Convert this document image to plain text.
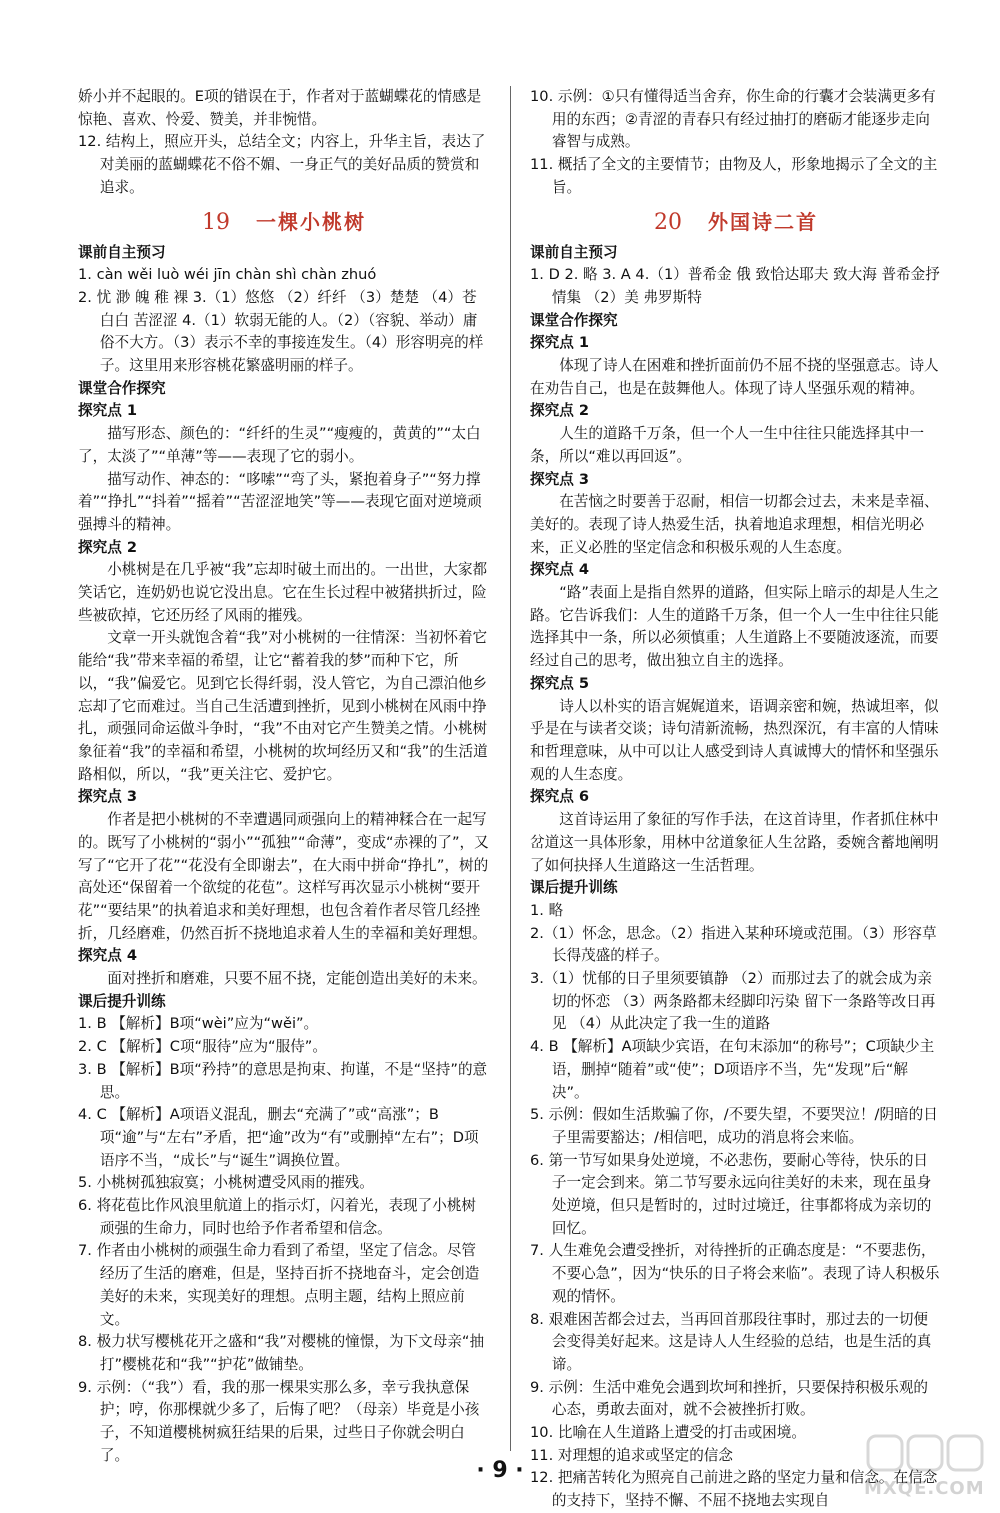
娇小并不起眼的。E项的错误在于，作者对于蓝蝴蝶花的情感是惊艳、喜欢、怜爱、赞美，并非惋惜。

12. 结构上，照应开头，总结全文；内容上，升华主旨，表达了对美丽的蓝蝴蝶花不俗不媚、一身正气的美好品质的赞赏和追求。

19 一棵小桃树

课前自主预习

1. càn wěi luò wéi jīn chàn shì chàn zhuó

2. 忧 渺 魄 稚 裸 3.（1）悠悠 （2）纤纤 （3）楚楚 （4）苍白白 苦涩涩 4.（1）软弱无能的人。（2）（容貌、举动）庸俗不大方。（3）表示不幸的事接连发生。（4）形容明亮的样子。这里用来形容桃花繁盛明丽的样子。

课堂合作探究

探究点 1

描写形态、颜色的：“纤纤的生灵”“瘦瘦的，黄黄的”“太白了，太淡了”“单薄”等——表现了它的弱小。

描写动作、神态的：“哆嗦”“弯了头，紧抱着身子”“努力撑着”“挣扎”“抖着”“摇着”“苦涩涩地笑”等——表现它面对逆境顽强搏斗的精神。

探究点 2

小桃树是在几乎被“我”忘却时破土而出的。一出世，大家都笑话它，连奶奶也说它没出息。它在生长过程中被猪拱折过，险些被砍掉，它还历经了风雨的摧残。

文章一开头就饱含着“我”对小桃树的一往情深：当初怀着它能给“我”带来幸福的希望，让它“蓄着我的梦”而种下它，所以，“我”偏爱它。见到它长得纤弱，没人管它，为自己漂泊他乡忘却了它而难过。当自己生活遭到挫折，见到小桃树在风雨中挣扎，顽强同命运做斗争时，“我”不由对它产生赞美之情。小桃树象征着“我”的幸福和希望，小桃树的坎坷经历又和“我”的生活道路相似，所以，“我”更关注它、爱护它。

探究点 3

作者是把小桃树的不幸遭遇同顽强向上的精神糅合在一起写的。既写了小桃树的“弱小”“孤独”“命薄”，变成“赤裸的了”，又写了“它开了花”“花没有全即谢去”，在大雨中拼命“挣扎”，树的高处还“保留着一个欲绽的花苞”。这样写再次显示小桃树“要开花”“要结果”的执着追求和美好理想，也包含着作者尽管几经挫折，几经磨难，仍然百折不挠地追求着人生的幸福和美好理想。

探究点 4

面对挫折和磨难，只要不屈不挠，定能创造出美好的未来。

课后提升训练

1. B 【解析】B项“wèi”应为“wěi”。

2. C 【解析】C项“服待”应为“服侍”。

3. B 【解析】B项“矜持”的意思是拘束、拘谨，不是“坚持”的意思。

4. C 【解析】A项语义混乱，删去“充满了”或“高涨”；B项“逾”与“左右”矛盾，把“逾”改为“有”或删掉“左右”；D项语序不当，“成长”与“诞生”调换位置。

5. 小桃树孤独寂寞；小桃树遭受风雨的摧残。

6. 将花苞比作风浪里航道上的指示灯，闪着光，表现了小桃树顽强的生命力，同时也给予作者希望和信念。

7. 作者由小桃树的顽强生命力看到了希望，坚定了信念。尽管经历了生活的磨难，但是，坚持百折不挠地奋斗，定会创造美好的未来，实现美好的理想。点明主题，结构上照应前文。

8. 极力状写樱桃花开之盛和“我”对樱桃的憧憬，为下文母亲“抽打”樱桃花和“我”“护花”做铺垫。

9. 示例：（“我”）看，我的那一棵果实那么多，幸亏我执意保护；哼，你那棵就少多了，后悔了吧？（母亲）毕竟是小孩子，不知道樱桃树疯狂结果的后果，过些日子你就会明白了。

10. 示例：①只有懂得适当舍弃，你生命的行囊才会装满更多有用的东西；②青涩的青春只有经过抽打的磨砺才能逐步走向睿智与成熟。

11. 概括了全文的主要情节；由物及人，形象地揭示了全文的主旨。

20 外国诗二首

课前自主预习

1. D 2. 略 3. A 4.（1）普希金 俄 致恰达耶夫 致大海 普希金抒情集 （2）美 弗罗斯特

课堂合作探究

探究点 1

体现了诗人在困难和挫折面前仍不屈不挠的坚强意志。诗人在劝告自己，也是在鼓舞他人。体现了诗人坚强乐观的精神。

探究点 2

人生的道路千万条，但一个人一生中往往只能选择其中一条，所以“难以再回返”。

探究点 3

在苦恼之时要善于忍耐，相信一切都会过去，未来是幸福、美好的。表现了诗人热爱生活，执着地追求理想，相信光明必来，正义必胜的坚定信念和积极乐观的人生态度。

探究点 4

“路”表面上是指自然界的道路，但实际上暗示的却是人生之路。它告诉我们：人生的道路千万条，但一个人一生中往往只能选择其中一条，所以必须慎重；人生道路上不要随波逐流，而要经过自己的思考，做出独立自主的选择。

探究点 5

诗人以朴实的语言娓娓道来，语调亲密和婉，热诚坦率，似乎是在与读者交谈；诗句清新流畅，热烈深沉，有丰富的人情味和哲理意味，从中可以让人感受到诗人真诚博大的情怀和坚强乐观的人生态度。

探究点 6

这首诗运用了象征的写作手法，在这首诗里，作者抓住林中岔道这一具体形象，用林中岔道象征人生岔路，委婉含蓄地阐明了如何抉择人生道路这一生活哲理。

课后提升训练

1. 略

2.（1）怀念，思念。（2）指进入某种环境或范围。（3）形容草长得茂盛的样子。

3.（1）忧郁的日子里须要镇静 （2）而那过去了的就会成为亲切的怀恋 （3）两条路都未经脚印污染 留下一条路等改日再见 （4）从此决定了我一生的道路

4. B 【解析】A项缺少宾语，在句末添加“的称号”；C项缺少主语，删掉“随着”或“使”；D项语序不当，先“发现”后“解决”。

5. 示例：假如生活欺骗了你，/不要失望，不要哭泣！/阴暗的日子里需要豁达；/相信吧，成功的消息将会来临。

6. 第一节写如果身处逆境，不必悲伤，要耐心等待，快乐的日子一定会到来。第二节写要永远向往美好的未来，现在虽身处逆境，但只是暂时的，过时过境迁，往事都将成为亲切的回忆。

7. 人生难免会遭受挫折，对待挫折的正确态度是：“不要悲伤，不要心急”，因为“快乐的日子将会来临”。表现了诗人积极乐观的情怀。

8. 艰难困苦都会过去，当再回首那段往事时，那过去的一切便会变得美好起来。这是诗人人生经验的总结，也是生活的真谛。

9. 示例：生活中难免会遇到坎坷和挫折，只要保持积极乐观的心态，勇敢去面对，就不会被挫折打败。

10. 比喻在人生道路上遭受的打击或困境。

11. 对理想的追求或坚定的信念

12. 把痛苦转化为照亮自己前进之路的坚定力量和信念。在信念的支持下，坚持不懈、不屈不挠地去实现自

· 9 ·
MXQE.COM
